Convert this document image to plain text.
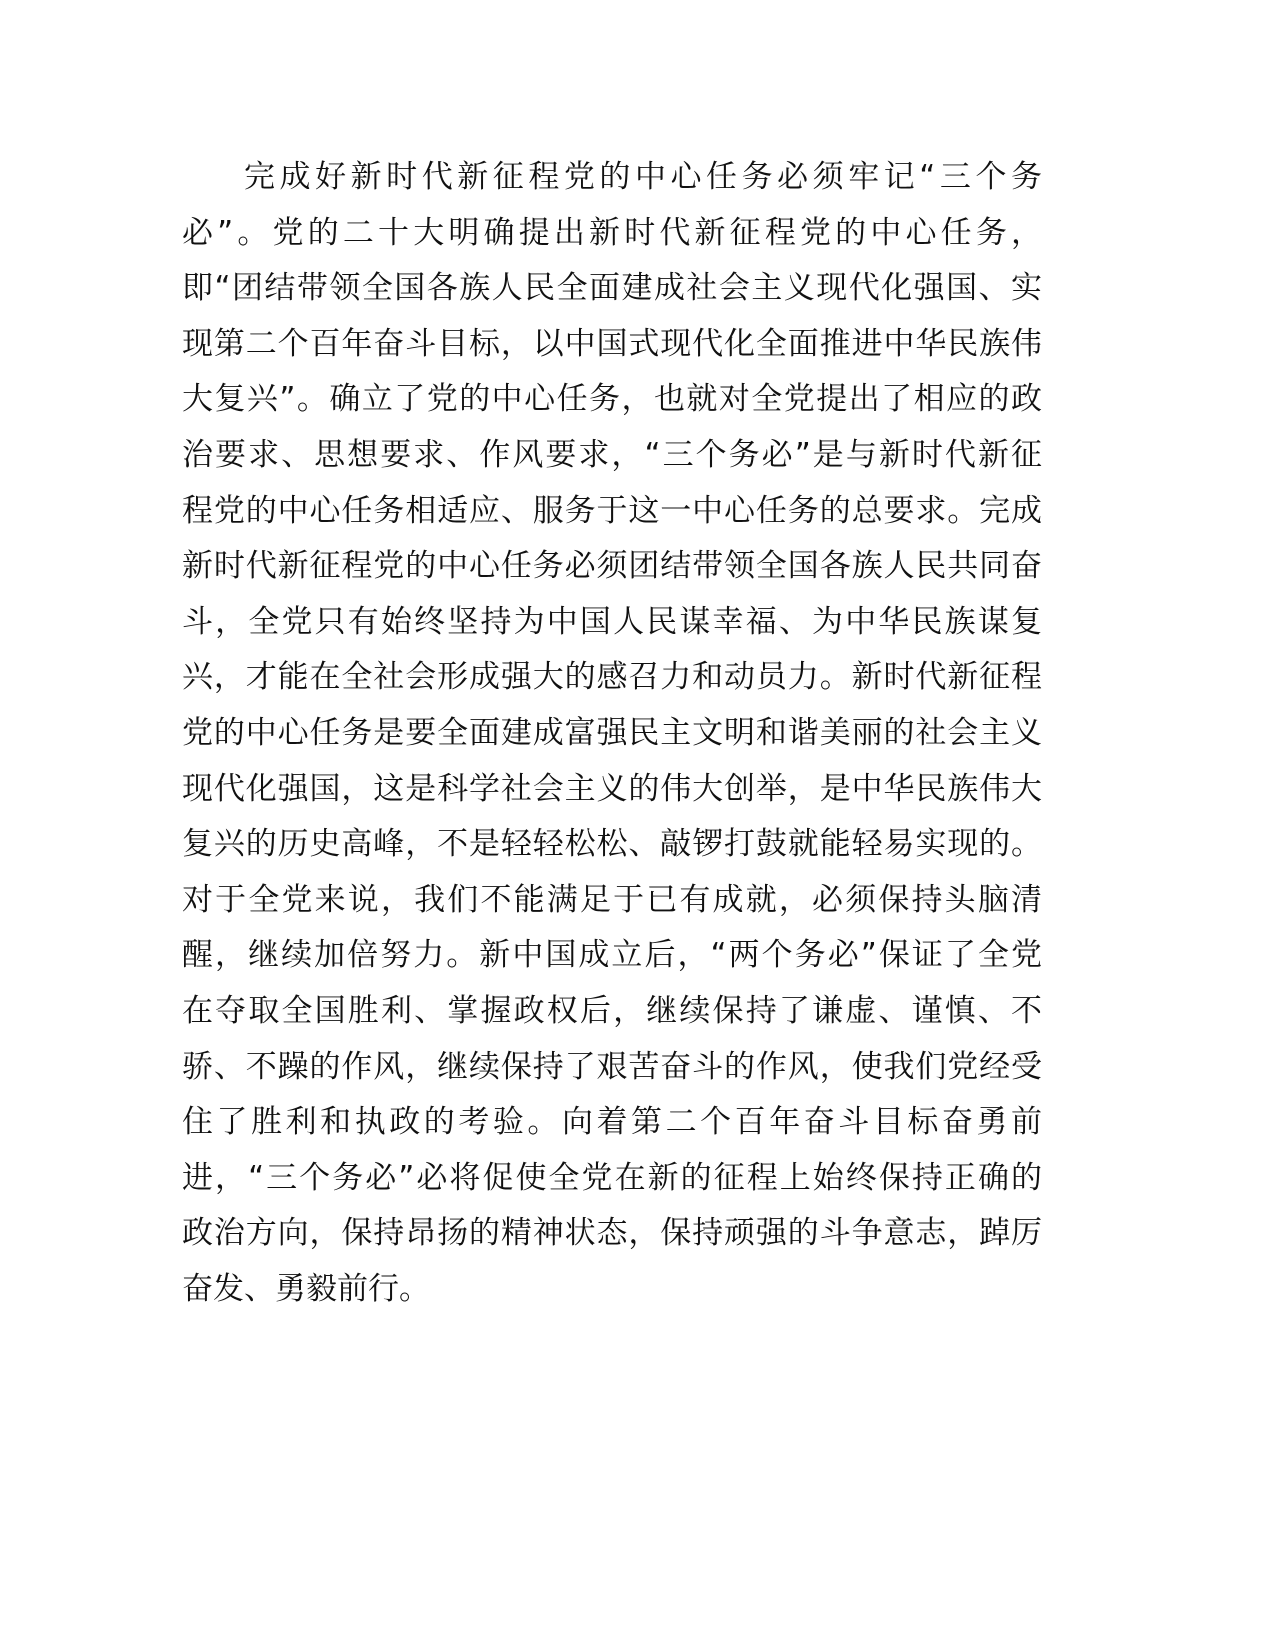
完成好新时代新征程党的中心任务必须牢记“三个务
必”。党的二十大明确提出新时代新征程党的中心任务，
即“团结带领全国各族人民全面建成社会主义现代化强国、实
现第二个百年奋斗目标，以中国式现代化全面推进中华民族伟
大复兴”。确立了党的中心任务，也就对全党提出了相应的政
治要求、思想要求、作风要求，“三个务必”是与新时代新征
程党的中心任务相适应、服务于这一中心任务的总要求。完成
新时代新征程党的中心任务必须团结带领全国各族人民共同奋
斗，全党只有始终坚持为中国人民谋幸福、为中华民族谋复
兴，才能在全社会形成强大的感召力和动员力。新时代新征程
党的中心任务是要全面建成富强民主文明和谐美丽的社会主义
现代化强国，这是科学社会主义的伟大创举，是中华民族伟大
复兴的历史高峰，不是轻轻松松、敲锣打鼓就能轻易实现的。
对于全党来说，我们不能满足于已有成就，必须保持头脑清
醒，继续加倍努力。新中国成立后，“两个务必”保证了全党
在夺取全国胜利、掌握政权后，继续保持了谦虚、谨慎、不
骄、不躁的作风，继续保持了艰苦奋斗的作风，使我们党经受
住了胜利和执政的考验。向着第二个百年奋斗目标奋勇前
进，“三个务必”必将促使全党在新的征程上始终保持正确的
政治方向，保持昂扬的精神状态，保持顽强的斗争意志，踔厉
奋发、勇毅前行。
